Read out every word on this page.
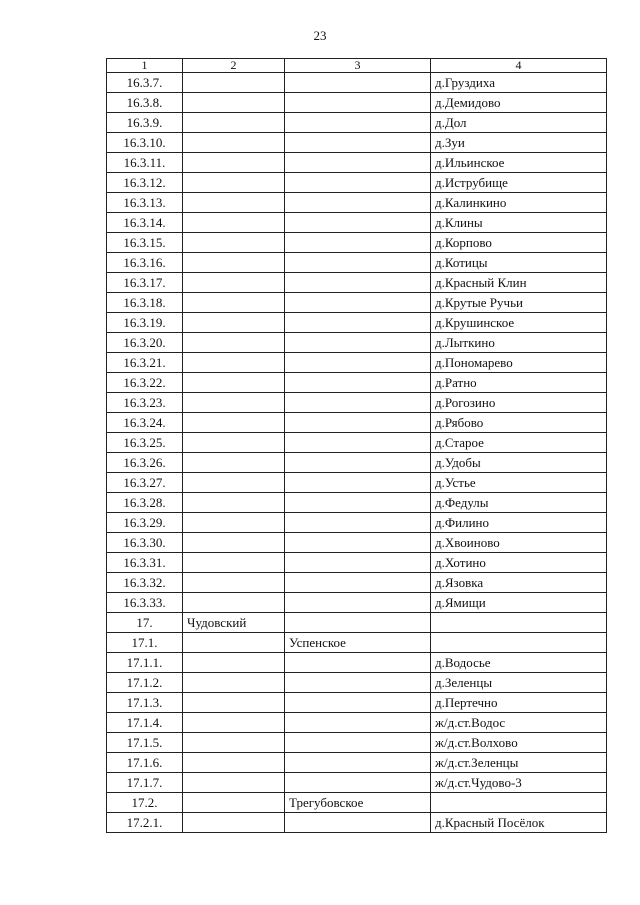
23
1	2	3	4
16.3.7.			д.Груздиха
16.3.8.			д.Демидово
16.3.9.			д.Дол
16.3.10.			д.Зуи
16.3.11.			д.Ильинское
16.3.12.			д.Иструбище
16.3.13.			д.Калинкино
16.3.14.			д.Клины
16.3.15.			д.Корпово
16.3.16.			д.Котицы
16.3.17.			д.Красный Клин
16.3.18.			д.Крутые Ручьи
16.3.19.			д.Крушинское
16.3.20.			д.Лыткино
16.3.21.			д.Пономарево
16.3.22.			д.Ратно
16.3.23.			д.Рогозино
16.3.24.			д.Рябово
16.3.25.			д.Старое
16.3.26.			д.Удобы
16.3.27.			д.Устье
16.3.28.			д.Федулы
16.3.29.			д.Филино
16.3.30.			д.Хвоиново
16.3.31.			д.Хотино
16.3.32.			д.Язовка
16.3.33.			д.Ямищи
17.	Чудовский		
17.1.		Успенское	
17.1.1.			д.Водосье
17.1.2.			д.Зеленцы
17.1.3.			д.Пертечно
17.1.4.			ж/д.ст.Водос
17.1.5.			ж/д.ст.Волхово
17.1.6.			ж/д.ст.Зеленцы
17.1.7.			ж/д.ст.Чудово-3
17.2.		Трегубовское	
17.2.1.			д.Красный Посёлок
